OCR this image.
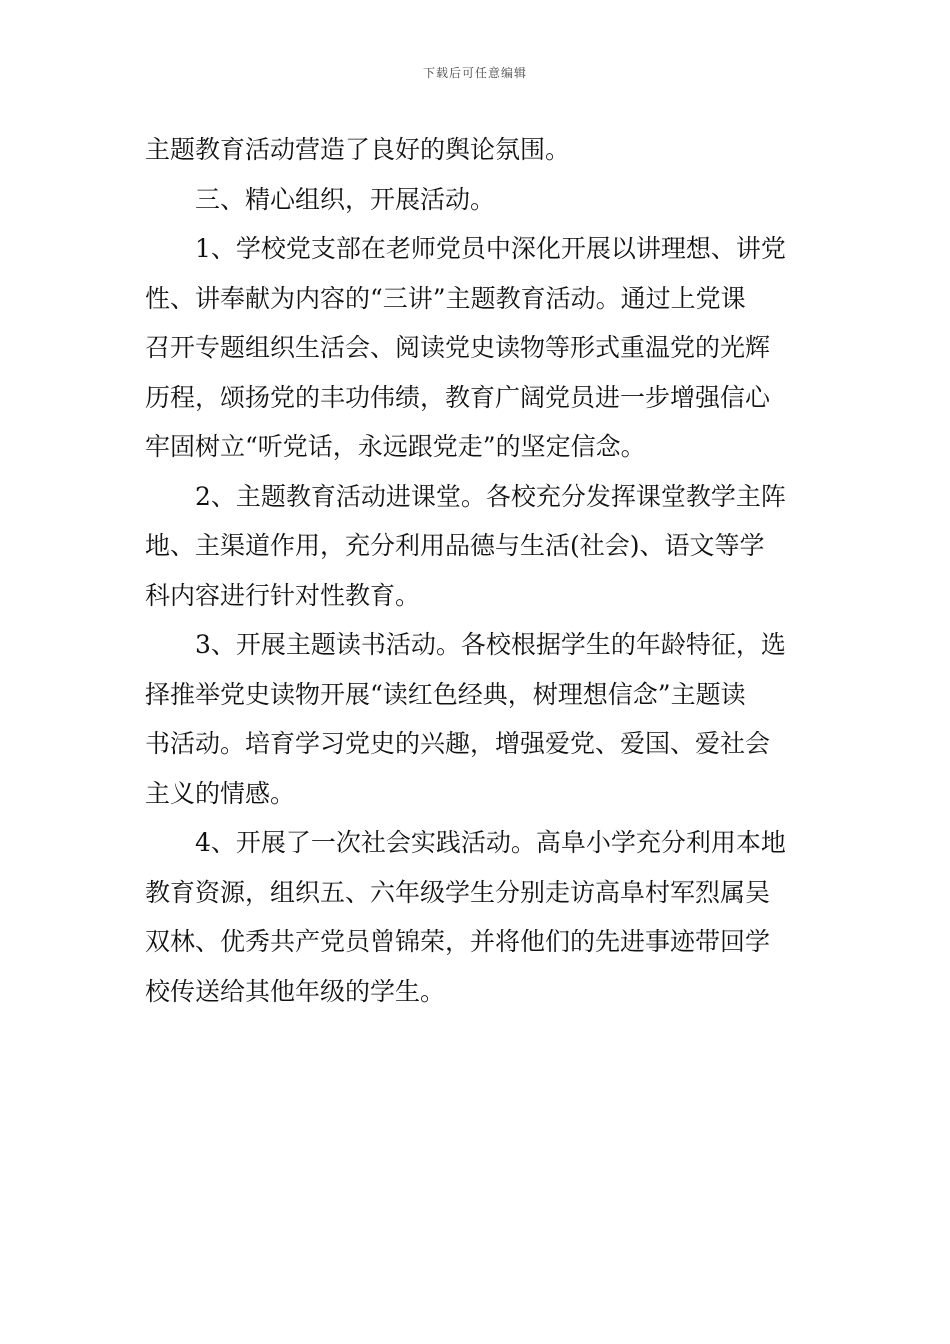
下载后可任意编辑
主题教育活动营造了良好的舆论氛围。
三、精心组织，开展活动。
1、学校党支部在老师党员中深化开展以讲理想、讲党
性、讲奉献为内容的“三讲”主题教育活动。通过上党课
召开专题组织生活会、阅读党史读物等形式重温党的光辉
历程，颂扬党的丰功伟绩，教育广阔党员进一步增强信心
牢固树立“听党话，永远跟党走”的坚定信念。
2、主题教育活动进课堂。各校充分发挥课堂教学主阵
地、主渠道作用，充分利用品德与生活(社会)、语文等学
科内容进行针对性教育。
3、开展主题读书活动。各校根据学生的年龄特征，选
择推举党史读物开展“读红色经典，树理想信念”主题读
书活动。培育学习党史的兴趣，增强爱党、爱国、爱社会
主义的情感。
4、开展了一次社会实践活动。高阜小学充分利用本地
教育资源，组织五、六年级学生分别走访高阜村军烈属吴
双林、优秀共产党员曾锦荣，并将他们的先进事迹带回学
校传送给其他年级的学生。
